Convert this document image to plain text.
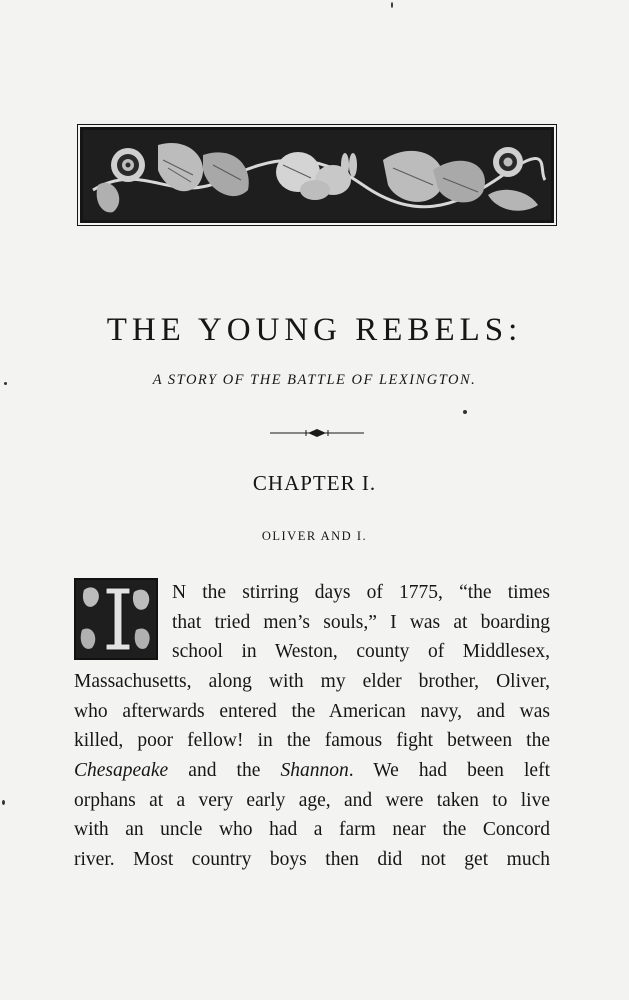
THE YOUNG REBELS:
A STORY OF THE BATTLE OF LEXINGTON.
CHAPTER I.
OLIVER AND I.
N the stirring days of 1775, “the times
that tried men’s souls,” I was at boarding
school in Weston, county of Middlesex,
Massachusetts, along with my elder brother, Oliver,
who afterwards entered the American navy, and was
killed, poor fellow! in the famous fight between the
Chesapeake and the Shannon. We had been left
orphans at a very early age, and were taken to live
with an uncle who had a farm near the Concord
river. Most country boys then did not get much
